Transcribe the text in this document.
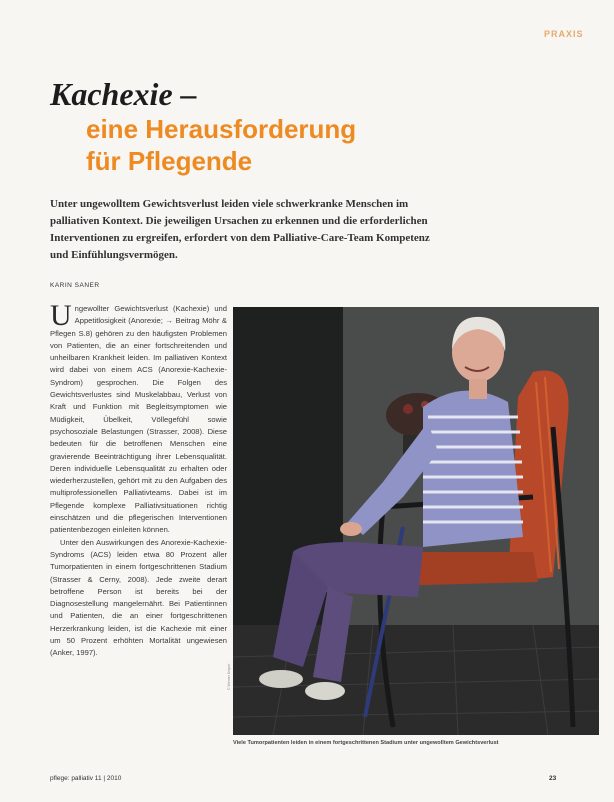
PRAXIS
Kachexie –
eine Herausforderung
für Pflegende

Unter ungewolltem Gewichtsverlust leiden viele schwerkranke Menschen im palliativen Kontext. Die jeweiligen Ursachen zu erkennen und die erforderlichen Interventionen zu ergreifen, erfordert von dem Palliative-Care-Team Kompetenz und Einfühlungsvermögen.

KARIN SANER

Ungewollter Gewichtsverlust (Kachexie) und Appetitlosigkeit (Anorexie; → Beitrag Möhr & Pflegen S.8) gehören zu den häufigsten Problemen von Patienten, die an einer fortschreitenden und unheilbaren Krankheit leiden. Im palliativen Kontext wird dabei von einem ACS (Anorexie-Kachexie-Syndrom) gesprochen. Die Folgen des Gewichtsverlustes sind Muskelabbau, Verlust von Kraft und Funktion mit Begleitsymptomen wie Müdigkeit, Übelkeit, Völlegefühl sowie psychosoziale Belastungen (Strasser, 2008). Diese bedeuten für die betroffenen Menschen eine gravierende Beeinträchtigung ihrer Lebensqualität. Deren individuelle Lebensqualität zu erhalten oder wiederherzustellen, gehört mit zu den Aufgaben des multiprofessionellen Palliativteams. Dabei ist im Pflegende komplexe Palliativsituationen richtig einschätzen und die pflegerischen Interventionen patientenbezogen einleiten können.

Unter den Auswirkungen des Anorexie-Kachexie-Syndroms (ACS) leiden etwa 80 Prozent aller Tumorpatienten in einem fortgeschrittenen Stadium (Strasser & Cerny, 2008). Jede zweite derart betroffene Person ist bereits bei der Diagnosestellung mangelernährt. Bei Patientinnen und Patienten, die an einer fortgeschrittenen Herzerkrankung leiden, ist die Kachexie mit einer um 50 Prozent erhöhten Mortalität ungewiesen (Anker, 1997).

© Werner Krüper
Viele Tumorpatienten leiden in einem fortgeschrittenen Stadium unter ungewolltem Gewichtsverlust
pflege: palliativ 11 | 2010	23
